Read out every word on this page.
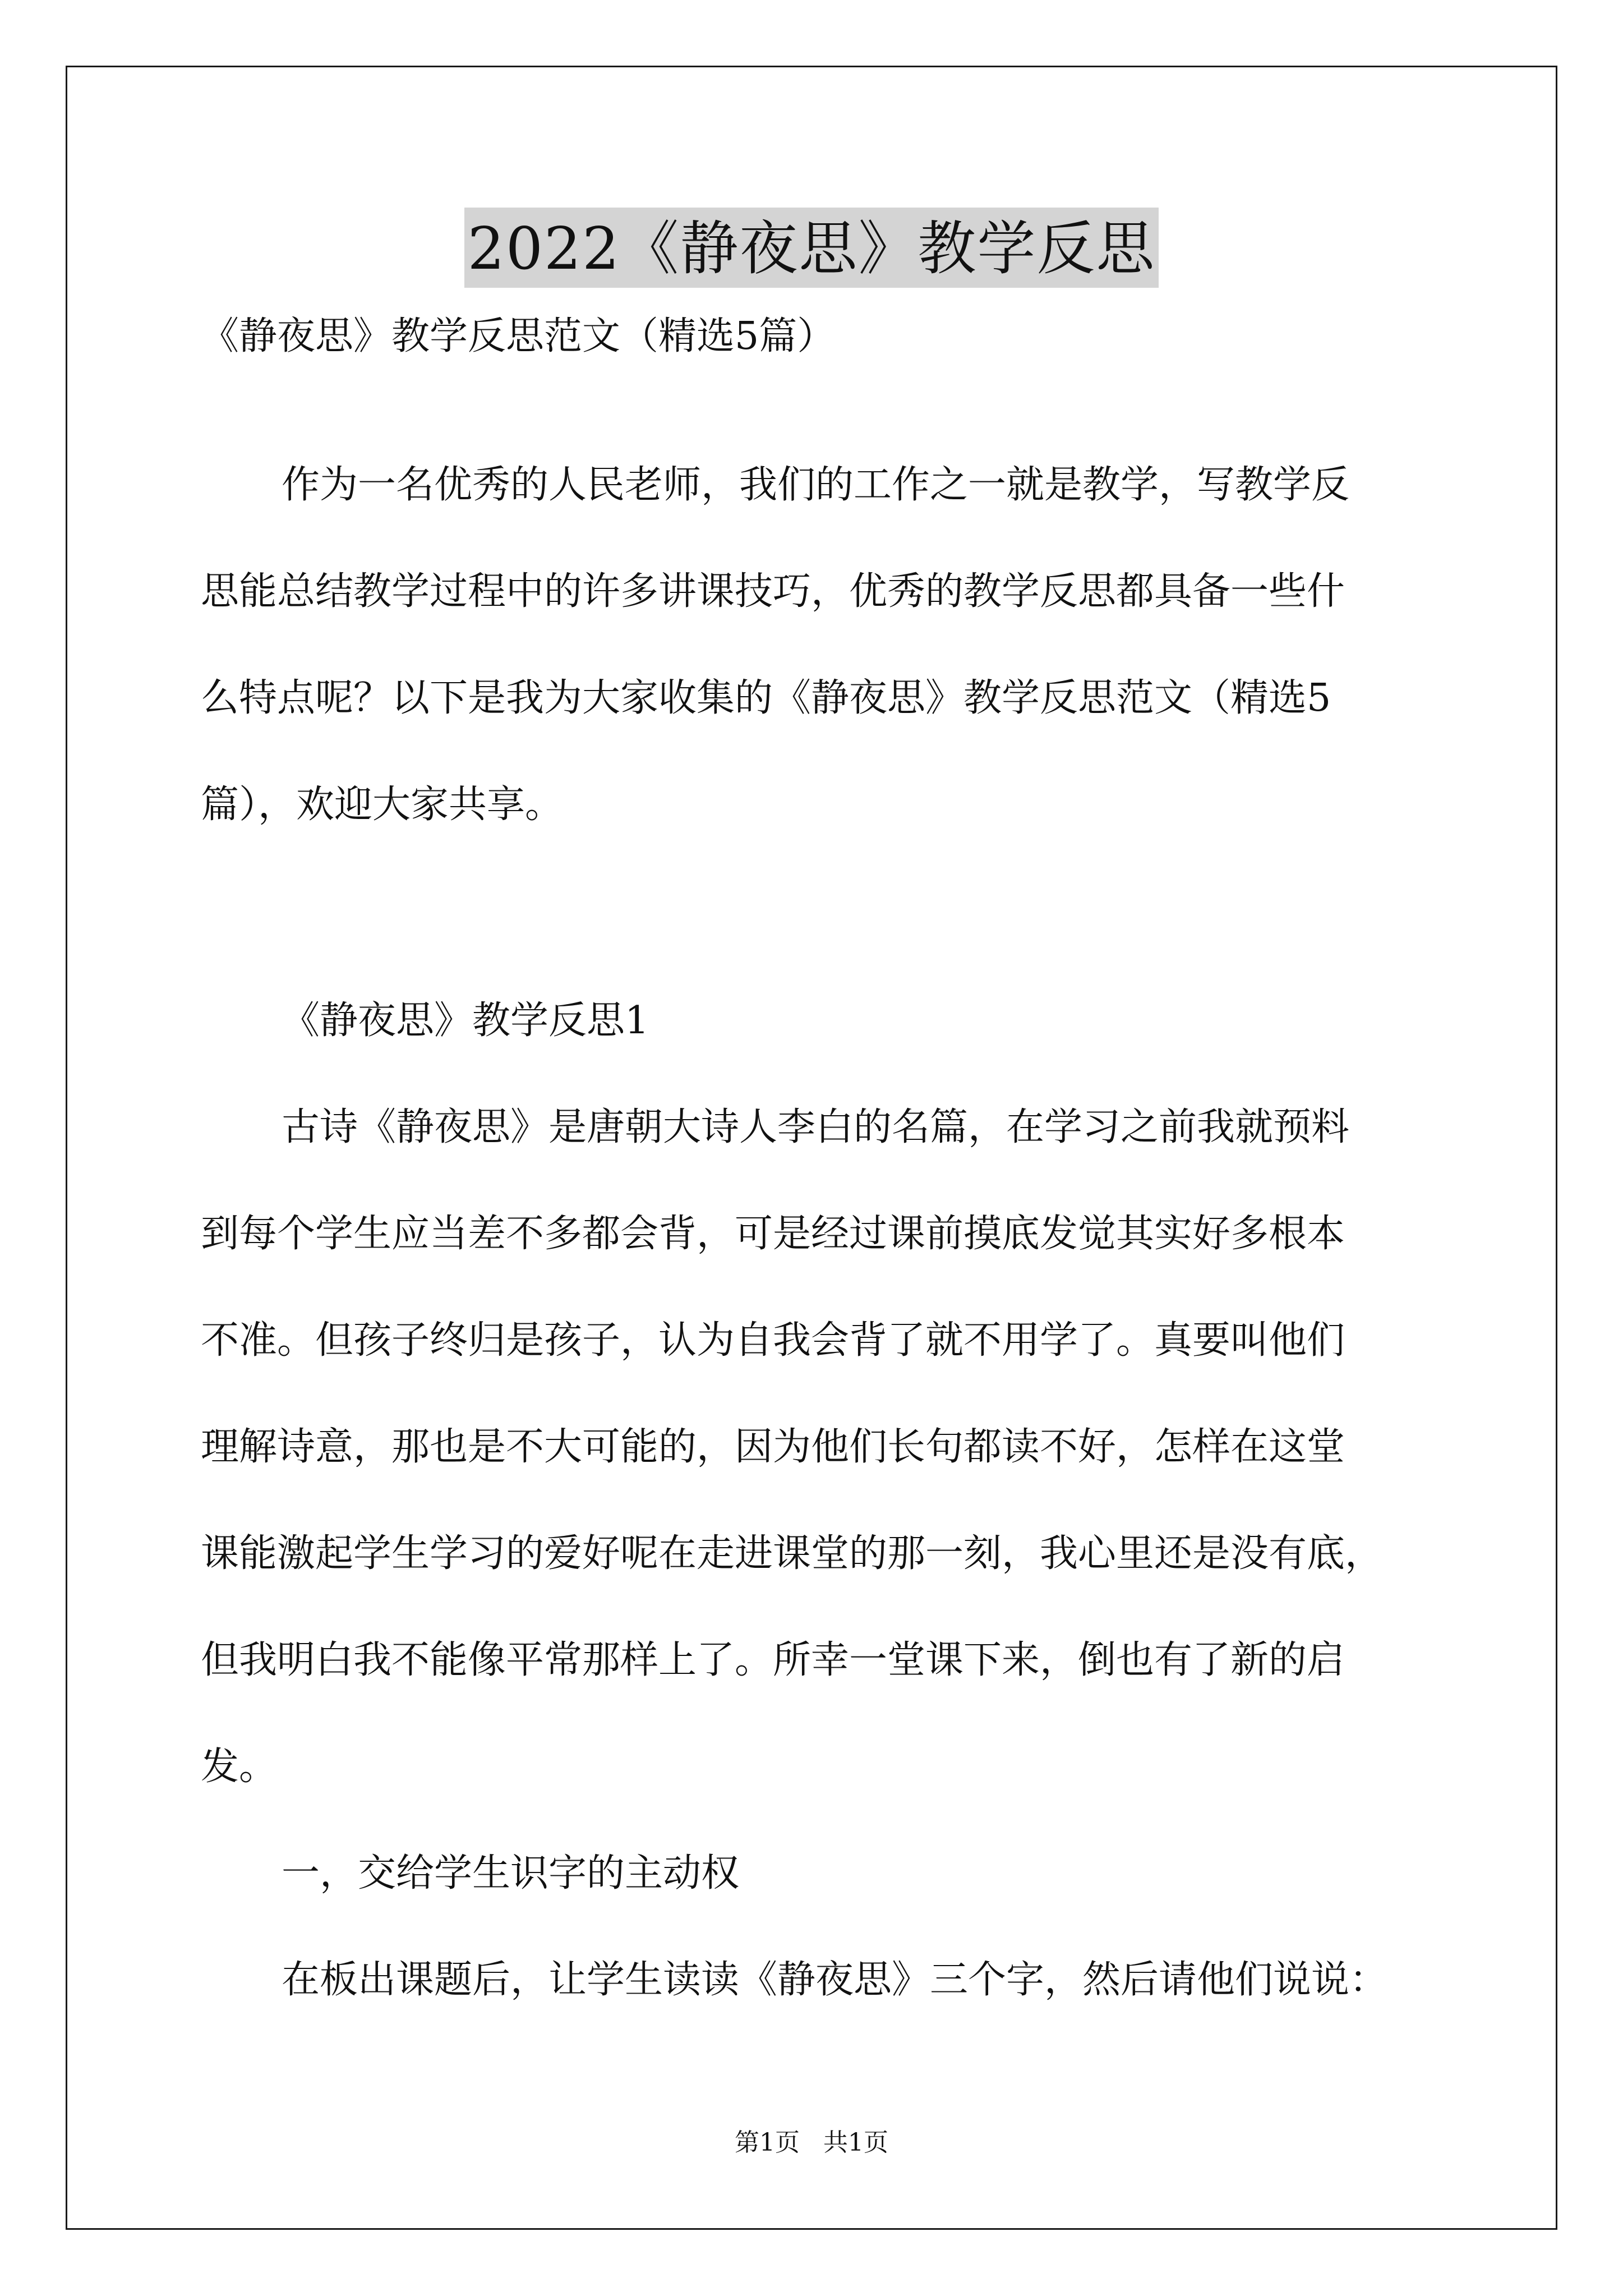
2022《静夜思》教学反思

《静夜思》教学反思范文（精选5篇）

作为一名优秀的人民老师，我们的工作之一就是教学，写教学反

思能总结教学过程中的许多讲课技巧，优秀的教学反思都具备一些什

么特点呢？以下是我为大家收集的《静夜思》教学反思范文（精选5

篇），欢迎大家共享。

《静夜思》教学反思1

古诗《静夜思》是唐朝大诗人李白的名篇，在学习之前我就预料

到每个学生应当差不多都会背，可是经过课前摸底发觉其实好多根本

不准。但孩子终归是孩子，认为自我会背了就不用学了。真要叫他们

理解诗意，那也是不大可能的，因为他们长句都读不好，怎样在这堂

课能激起学生学习的爱好呢在走进课堂的那一刻，我心里还是没有底，

但我明白我不能像平常那样上了。所幸一堂课下来，倒也有了新的启

发。

一，交给学生识字的主动权

在板出课题后，让学生读读《静夜思》三个字，然后请他们说说：

第1页   共1页
